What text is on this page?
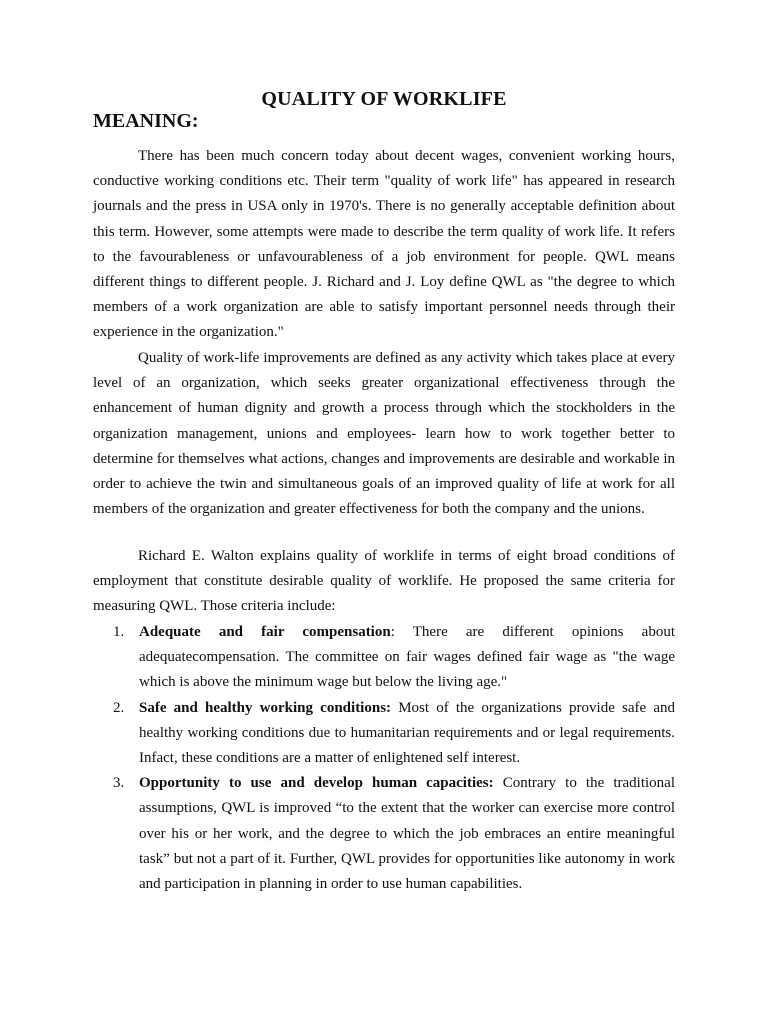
QUALITY OF WORKLIFE
MEANING:

There has been much concern today about decent wages, convenient working hours, conductive working conditions etc. Their term "quality of work life" has appeared in research journals and the press in USA only in 1970's. There is no generally acceptable definition about this term. However, some attempts were made to describe the term quality of work life. It refers to the favourableness or unfavourableness of a job environment for people. QWL means different things to different people. J. Richard and J. Loy define QWL as "the degree to which members of a work organization are able to satisfy important personnel needs through their experience in the organization."

Quality of work-life improvements are defined as any activity which takes place at every level of an organization, which seeks greater organizational effectiveness through the enhancement of human dignity and growth a process through which the stockholders in the organization management, unions and employees- learn how to work together better to determine for themselves what actions, changes and improvements are desirable and workable in order to achieve the twin and simultaneous goals of an improved quality of life at work for all members of the organization and greater effectiveness for both the company and the unions.

Richard E. Walton explains quality of worklife in terms of eight broad conditions of employment that constitute desirable quality of worklife. He proposed the same criteria for measuring QWL. Those criteria include:

1. Adequate and fair compensation: There are different opinions about adequatecompensation. The committee on fair wages defined fair wage as "the wage which is above the minimum wage but below the living age."
2. Safe and healthy working conditions: Most of the organizations provide safe and healthy working conditions due to humanitarian requirements and or legal requirements. Infact, these conditions are a matter of enlightened self interest.
3. Opportunity to use and develop human capacities: Contrary to the traditional assumptions, QWL is improved “to the extent that the worker can exercise more control over his or her work, and the degree to which the job embraces an entire meaningful task” but not a part of it. Further, QWL provides for opportunities like autonomy in work and participation in planning in order to use human capabilities.
